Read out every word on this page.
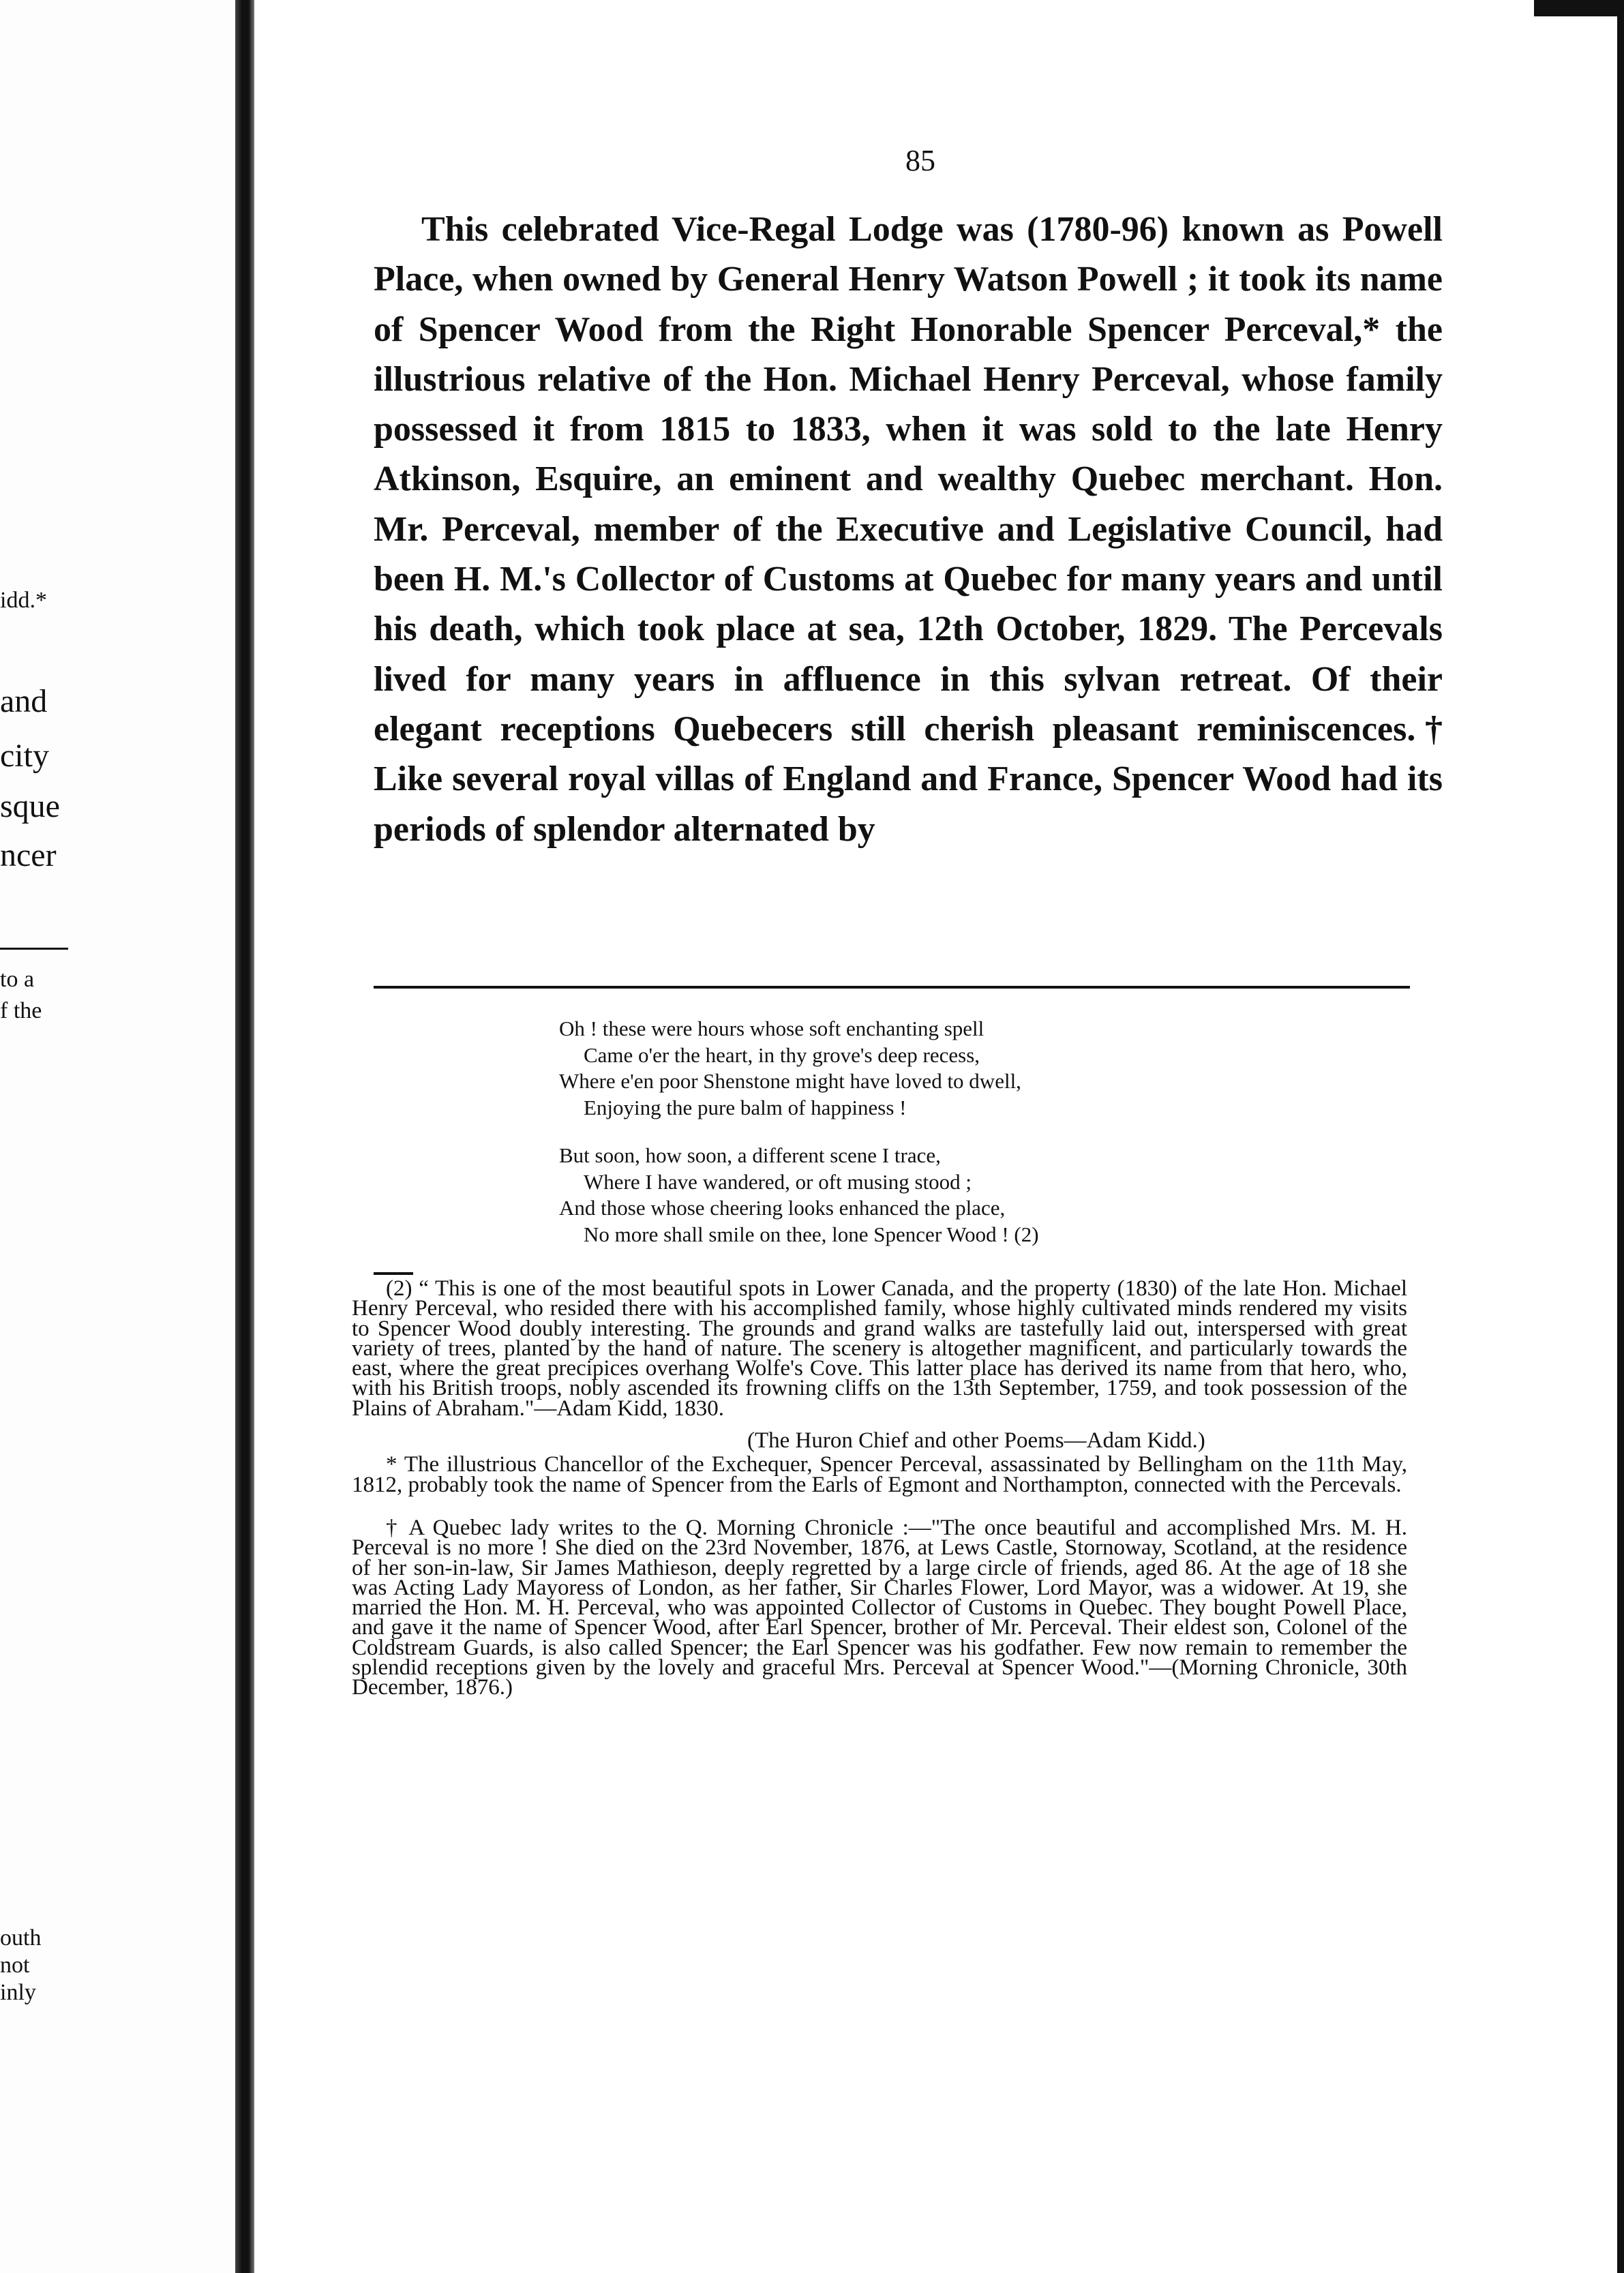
idd.*
and
city
sque
ncer
to a
f the
outh
not
inly
85

This celebrated Vice-Regal Lodge was (1780-96) known as Powell Place, when owned by General Henry Watson Powell ; it took its name of Spencer Wood from the Right Honorable Spencer Perceval,* the illustrious relative of the Hon. Michael Henry Perceval, whose family possessed it from 1815 to 1833, when it was sold to the late Henry Atkinson, Esquire, an eminent and wealthy Quebec merchant. Hon. Mr. Perceval, member of the Executive and Legislative Council, had been H. M.'s Collector of Customs at Quebec for many years and until his death, which took place at sea, 12th October, 1829. The Percevals lived for many years in affluence in this sylvan retreat. Of their elegant receptions Quebecers still cherish pleasant reminiscences.† Like several royal villas of England and France, Spencer Wood had its periods of splendor alternated by

Oh ! these were hours whose soft enchanting spell
Came o'er the heart, in thy grove's deep recess,
Where e'en poor Shenstone might have loved to dwell,
Enjoying the pure balm of happiness !
But soon, how soon, a different scene I trace,
Where I have wandered, or oft musing stood ;
And those whose cheering looks enhanced the place,
No more shall smile on thee, lone Spencer Wood ! (2)

(2) “ This is one of the most beautiful spots in Lower Canada, and the property (1830) of the late Hon. Michael Henry Perceval, who resided there with his accomplished family, whose highly cultivated minds rendered my visits to Spencer Wood doubly interesting. The grounds and grand walks are tastefully laid out, interspersed with great variety of trees, planted by the hand of nature. The scenery is altogether magnificent, and particularly towards the east, where the great precipices overhang Wolfe's Cove. This latter place has derived its name from that hero, who, with his British troops, nobly ascended its frowning cliffs on the 13th September, 1759, and took possession of the Plains of Abraham."—Adam Kidd, 1830.

(The Huron Chief and other Poems—Adam Kidd.)

* The illustrious Chancellor of the Exchequer, Spencer Perceval, assassinated by Bellingham on the 11th May, 1812, probably took the name of Spencer from the Earls of Egmont and Northampton, connected with the Percevals.

† A Quebec lady writes to the Q. Morning Chronicle :—"The once beautiful and accomplished Mrs. M. H. Perceval is no more ! She died on the 23rd November, 1876, at Lews Castle, Stornoway, Scotland, at the residence of her son-in-law, Sir James Mathieson, deeply regretted by a large circle of friends, aged 86. At the age of 18 she was Acting Lady Mayoress of London, as her father, Sir Charles Flower, Lord Mayor, was a widower. At 19, she married the Hon. M. H. Perceval, who was appointed Collector of Customs in Quebec. They bought Powell Place, and gave it the name of Spencer Wood, after Earl Spencer, brother of Mr. Perceval. Their eldest son, Colonel of the Coldstream Guards, is also called Spencer; the Earl Spencer was his godfather. Few now remain to remember the splendid receptions given by the lovely and graceful Mrs. Perceval at Spencer Wood."—(Morning Chronicle, 30th December, 1876.)
